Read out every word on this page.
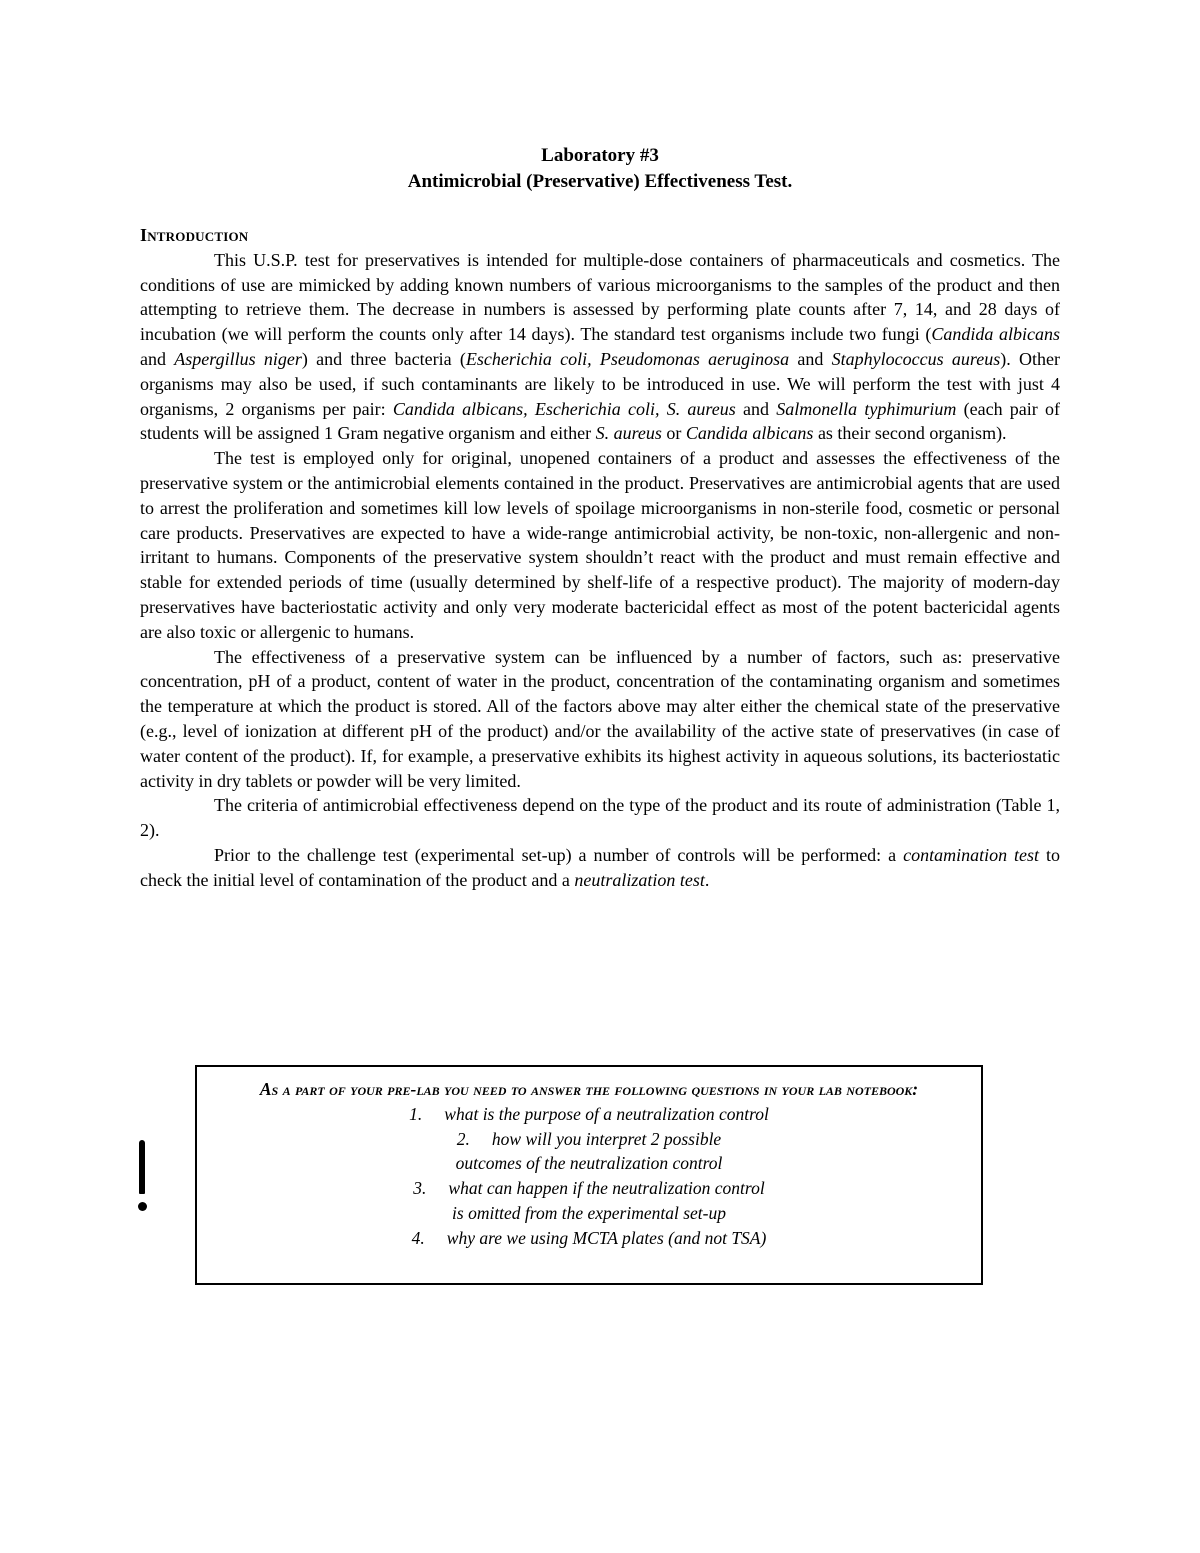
Laboratory #3
Antimicrobial (Preservative) Effectiveness Test.
Introduction

This U.S.P. test for preservatives is intended for multiple-dose containers of pharmaceuticals and cosmetics. The conditions of use are mimicked by adding known numbers of various microorganisms to the samples of the product and then attempting to retrieve them. The decrease in numbers is assessed by performing plate counts after 7, 14, and 28 days of incubation (we will perform the counts only after 14 days). The standard test organisms include two fungi (Candida albicans and Aspergillus niger) and three bacteria (Escherichia coli, Pseudomonas aeruginosa and Staphylococcus aureus). Other organisms may also be used, if such contaminants are likely to be introduced in use. We will perform the test with just 4 organisms, 2 organisms per pair: Candida albicans, Escherichia coli, S. aureus and Salmonella typhimurium (each pair of students will be assigned 1 Gram negative organism and either S. aureus or Candida albicans as their second organism).

The test is employed only for original, unopened containers of a product and assesses the effectiveness of the preservative system or the antimicrobial elements contained in the product. Preservatives are antimicrobial agents that are used to arrest the proliferation and sometimes kill low levels of spoilage microorganisms in non-sterile food, cosmetic or personal care products. Preservatives are expected to have a wide-range antimicrobial activity, be non-toxic, non-allergenic and non-irritant to humans. Components of the preservative system shouldn’t react with the product and must remain effective and stable for extended periods of time (usually determined by shelf-life of a respective product). The majority of modern-day preservatives have bacteriostatic activity and only very moderate bactericidal effect as most of the potent bactericidal agents are also toxic or allergenic to humans.

The effectiveness of a preservative system can be influenced by a number of factors, such as: preservative concentration, pH of a product, content of water in the product, concentration of the contaminating organism and sometimes the temperature at which the product is stored. All of the factors above may alter either the chemical state of the preservative (e.g., level of ionization at different pH of the product) and/or the availability of the active state of preservatives (in case of water content of the product). If, for example, a preservative exhibits its highest activity in aqueous solutions, its bacteriostatic activity in dry tablets or powder will be very limited.

The criteria of antimicrobial effectiveness depend on the type of the product and its route of administration (Table 1, 2).

Prior to the challenge test (experimental set-up) a number of controls will be performed: a contamination test to check the initial level of contamination of the product and a neutralization test.

As a part of your pre-lab you need to answer the following questions in your lab notebook:
1. what is the purpose of a neutralization control
2. how will you interpret 2 possible
outcomes of the neutralization control
3. what can happen if the neutralization control
is omitted from the experimental set-up
4. why are we using MCTA plates (and not TSA)
